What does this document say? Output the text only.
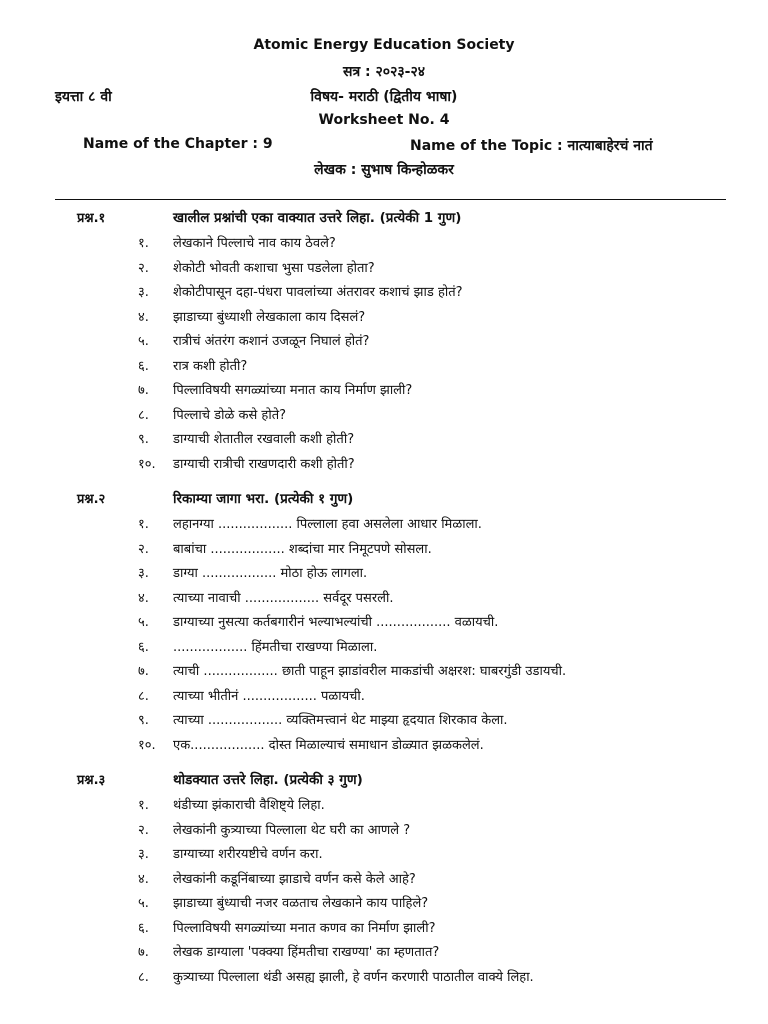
Atomic Energy Education Society
सत्र : २०२३-२४
इयत्ता ८ वी	विषय- मराठी (द्वितीय भाषा)
Worksheet No. 4
Name of the Chapter : 9	Name of the Topic : नात्याबाहेरचं नातं
लेखक : सुभाष किन्होळकर
प्रश्न.१	खालील प्रश्नांची एका वाक्यात उत्तरे लिहा. (प्रत्येकी 1 गुण)
१. लेखकाने पिल्लाचे नाव काय ठेवले?
२. शेकोटी भोवती कशाचा भुसा पडलेला होता?
३. शेकोटीपासून दहा-पंधरा पावलांच्या अंतरावर कशाचं झाड होतं?
४. झाडाच्या बुंध्याशी लेखकाला काय दिसलं?
५. रात्रीचं अंतरंग कशानं उजळून निघालं होतं?
६. रात्र कशी होती?
७. पिल्लाविषयी सगळ्यांच्या मनात काय निर्माण झाली?
८. पिल्लाचे डोळे कसे होते?
९. डाग्याची शेतातील रखवाली कशी होती?
१०. डाग्याची रात्रीची राखणदारी कशी होती?
प्रश्न.२	रिकाम्या जागा भरा. (प्रत्येकी १ गुण)
१. लहानग्या .................. पिल्लाला हवा असलेला आधार मिळाला.
२. बाबांचा .................. शब्दांचा मार निमूटपणे सोसला.
३. डाग्या .................. मोठा होऊ लागला.
४. त्याच्या नावाची .................. सर्वदूर पसरली.
५. डाग्याच्या नुसत्या कर्तबगारीनं भल्याभल्यांची .................. वळायची.
६. .................. हिंमतीचा राखण्या मिळाला.
७. त्याची .................. छाती पाहून झाडांवरील माकडांची अक्षरश: घाबरगुंडी उडायची.
८. त्याच्या भीतीनं .................. पळायची.
९. त्याच्या .................. व्यक्तिमत्त्वानं थेट माझ्या हृदयात शिरकाव केला.
१०. एक.................. दोस्त मिळाल्याचं समाधान डोळ्यात झळकलेलं.
प्रश्न.३	थोडक्यात उत्तरे लिहा. (प्रत्येकी ३ गुण)
१. थंडीच्या झंकाराची वैशिष्ट्ये लिहा.
२. लेखकांनी कुत्र्याच्या पिल्लाला थेट घरी का आणले ?
३. डाग्याच्या शरीरयष्टीचे वर्णन करा.
४. लेखकांनी कडूनिंबाच्या झाडाचे वर्णन कसे केले आहे?
५. झाडाच्या बुंध्याची नजर वळताच लेखकाने काय पाहिले?
६. पिल्लाविषयी सगळ्यांच्या मनात कणव का निर्माण झाली?
७. लेखक डाग्याला 'पक्क्या हिंमतीचा राखण्या' का म्हणतात?
८. कुत्र्याच्या पिल्लाला थंडी असह्य झाली, हे वर्णन करणारी पाठातील वाक्ये लिहा.
